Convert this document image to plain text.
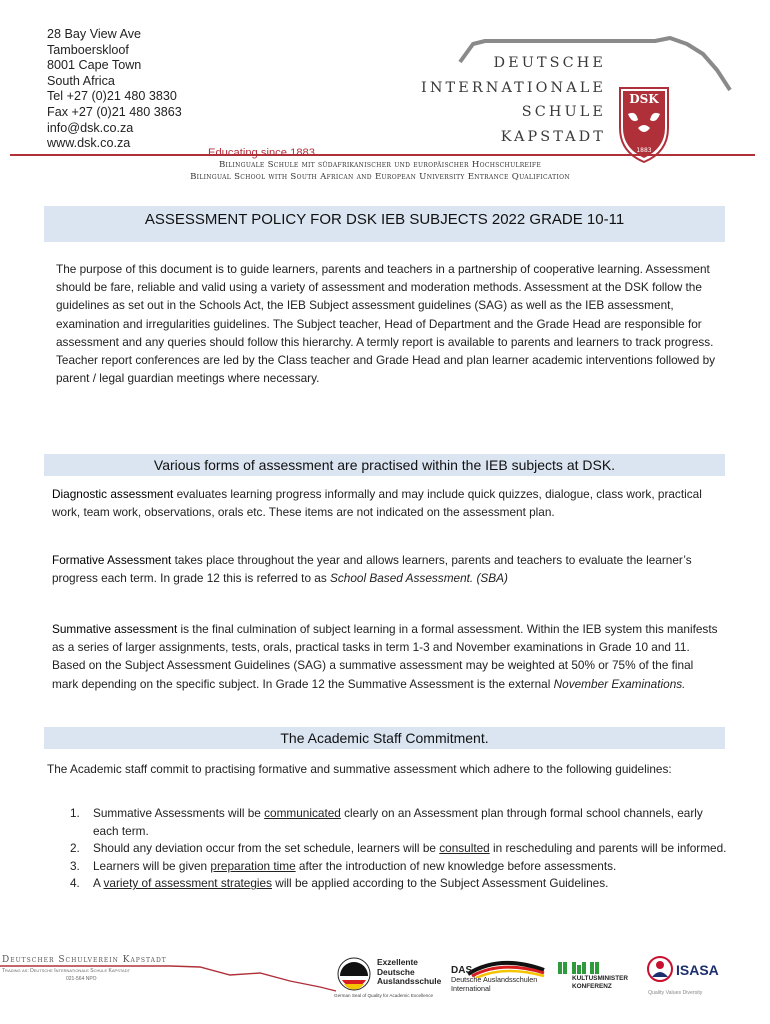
28 Bay View Ave
Tamboerskloof
8001 Cape Town
South Africa
Tel +27 (0)21 480 3830
Fax +27 (0)21 480 3863
info@dsk.co.za
www.dsk.co.za
DEUTSCHE
INTERNATIONALE
SCHULE
KAPSTADT
DSK
1883
Educating since 1883
Bilinguale Schule mit südafrikanischer und europäischer Hochschulreife
Bilingual School with South African and European University Entrance Qualification
ASSESSMENT POLICY FOR DSK IEB SUBJECTS 2022 GRADE 10-11
The purpose of this document is to guide learners, parents and teachers in a partnership of cooperative learning. Assessment should be fare, reliable and valid using a variety of assessment and moderation methods. Assessment at the DSK follow the guidelines as set out in the Schools Act, the IEB Subject assessment guidelines (SAG) as well as the IEB assessment, examination and irregularities guidelines. The Subject teacher, Head of Department and the Grade Head are responsible for assessment and any queries should follow this hierarchy. A termly report is available to parents and learners to track progress. Teacher report conferences are led by the Class teacher and Grade Head and plan learner academic interventions followed by parent / legal guardian meetings where necessary.
Various forms of assessment are practised within the IEB subjects at DSK.
Diagnostic assessment evaluates learning progress informally and may include quick quizzes, dialogue, class work, practical work, team work, observations, orals etc. These items are not indicated on the assessment plan.
Formative Assessment takes place throughout the year and allows learners, parents and teachers to evaluate the learner’s progress each term. In grade 12 this is referred to as School Based Assessment. (SBA)
Summative assessment is the final culmination of subject learning in a formal assessment. Within the IEB system this manifests as a series of larger assignments, tests, orals, practical tasks in term 1-3 and November examinations in Grade 10 and 11. Based on the Subject Assessment Guidelines (SAG) a summative assessment may be weighted at 50% or 75% of the final mark depending on the specific subject. In Grade 12 the Summative Assessment is the external November Examinations.
The Academic Staff Commitment.
The Academic staff commit to practising formative and summative assessment which adhere to the following guidelines:
1. Summative Assessments will be communicated clearly on an Assessment plan through formal school channels, early each term.
2. Should any deviation occur from the set schedule, learners will be consulted in rescheduling and parents will be informed.
3. Learners will be given preparation time after the introduction of new knowledge before assessments.
4. A variety of assessment strategies will be applied according to the Subject Assessment Guidelines.
Deutscher Schulverein Kapstadt
Trading as: Deutsche Internationale Schule Kapstadt
021-564 NPO
Exzellente
Deutsche
Auslandsschule
German Seal of Quality for Academic Excellence
DAS
Deutsche Auslandsschulen
International
KULTUSMINISTER
KONFERENZ
ISASA
Quality Values Diversity
